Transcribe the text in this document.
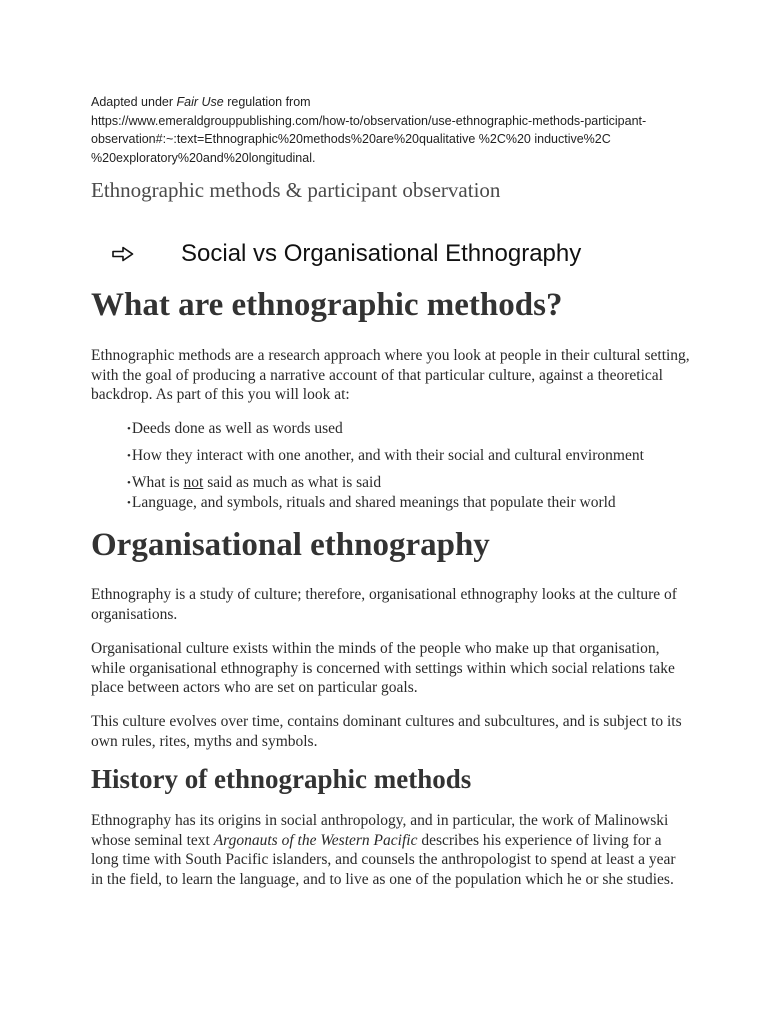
Adapted under Fair Use regulation from
https://www.emeraldgrouppublishing.com/how-to/observation/use-ethnographic-methods-participant-
observation#:~:text=Ethnographic%20methods%20are%20qualitative %2C%20 inductive%2C
%20exploratory%20and%20longitudinal.
Ethnographic methods & participant observation
Social vs Organisational Ethnography
What are ethnographic methods?

Ethnographic methods are a research approach where you look at people in their cultural setting, with the goal of producing a narrative account of that particular culture, against a theoretical backdrop. As part of this you will look at:

•Deeds done as well as words used
•How they interact with one another, and with their social and cultural environment
•What is not said as much as what is said
•Language, and symbols, rituals and shared meanings that populate their world
Organisational ethnography

Ethnography is a study of culture; therefore, organisational ethnography looks at the culture of organisations.

Organisational culture exists within the minds of the people who make up that organisation, while organisational ethnography is concerned with settings within which social relations take place between actors who are set on particular goals.

This culture evolves over time, contains dominant cultures and subcultures, and is subject to its own rules, rites, myths and symbols.

History of ethnographic methods

Ethnography has its origins in social anthropology, and in particular, the work of Malinowski whose seminal text Argonauts of the Western Pacific describes his experience of living for a long time with South Pacific islanders, and counsels the anthropologist to spend at least a year in the field, to learn the language, and to live as one of the population which he or she studies.
